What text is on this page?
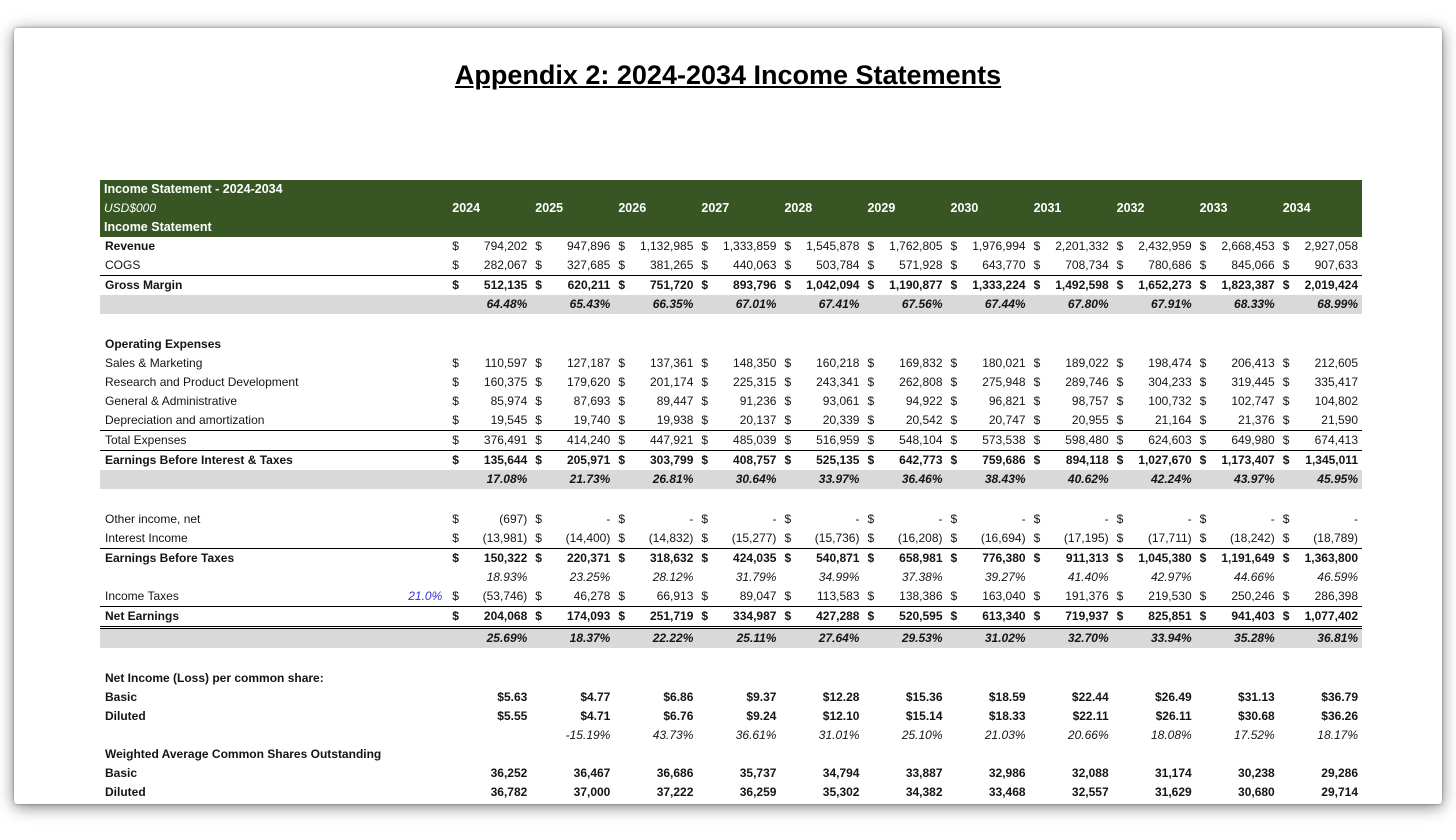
Appendix 2: 2024-2034 Income Statements
Income Statement - 2024-2034											
USD$000	2024	2025	2026	2027	2028	2029	2030	2031	2032	2033	2034
Income Statement											
Revenue	$ 794,202	$ 947,896	$ 1,132,985	$ 1,333,859	$ 1,545,878	$ 1,762,805	$ 1,976,994	$ 2,201,332	$ 2,432,959	$ 2,668,453	$ 2,927,058

COGS	$ 282,067	$ 327,685	$ 381,265	$ 440,063	$ 503,784	$ 571,928	$ 643,770	$ 708,734	$ 780,686	$ 845,066	$ 907,633

Gross Margin	$ 512,135	$ 620,211	$ 751,720	$ 893,796	$ 1,042,094	$ 1,190,877	$ 1,333,224	$ 1,492,598	$ 1,652,273	$ 1,823,387	$ 2,019,424

	64.48%	65.43%	66.35%	67.01%	67.41%	67.56%	67.44%	67.80%	67.91%	68.33%	68.99%

Operating Expenses											
Sales & Marketing	$ 110,597	$ 127,187	$ 137,361	$ 148,350	$ 160,218	$ 169,832	$ 180,021	$ 189,022	$ 198,474	$ 206,413	$ 212,605

Research and Product Development	$ 160,375	$ 179,620	$ 201,174	$ 225,315	$ 243,341	$ 262,808	$ 275,948	$ 289,746	$ 304,233	$ 319,445	$ 335,417

General & Administrative	$ 85,974	$ 87,693	$ 89,447	$ 91,236	$ 93,061	$ 94,922	$ 96,821	$ 98,757	$ 100,732	$ 102,747	$ 104,802

Depreciation and amortization	$ 19,545	$ 19,740	$ 19,938	$ 20,137	$ 20,339	$ 20,542	$ 20,747	$ 20,955	$ 21,164	$ 21,376	$ 21,590

Total Expenses	$ 376,491	$ 414,240	$ 447,921	$ 485,039	$ 516,959	$ 548,104	$ 573,538	$ 598,480	$ 624,603	$ 649,980	$ 674,413

Earnings Before Interest & Taxes	$ 135,644	$ 205,971	$ 303,799	$ 408,757	$ 525,135	$ 642,773	$ 759,686	$ 894,118	$ 1,027,670	$ 1,173,407	$ 1,345,011

	17.08%	21.73%	26.81%	30.64%	33.97%	36.46%	38.43%	40.62%	42.24%	43.97%	45.95%

Other income, net	$ (697)	$ -	$ -	$ -	$ -	$ -	$ -	$ -	$ -	$ -	$ -

Interest Income	$ (13,981)	$ (14,400)	$ (14,832)	$ (15,277)	$ (15,736)	$ (16,208)	$ (16,694)	$ (17,195)	$ (17,711)	$ (18,242)	$ (18,789)

Earnings Before Taxes	$ 150,322	$ 220,371	$ 318,632	$ 424,035	$ 540,871	$ 658,981	$ 776,380	$ 911,313	$ 1,045,380	$ 1,191,649	$ 1,363,800

	18.93%	23.25%	28.12%	31.79%	34.99%	37.38%	39.27%	41.40%	42.97%	44.66%	46.59%

Income Taxes 21.0%	$ (53,746)	$ 46,278	$ 66,913	$ 89,047	$ 113,583	$ 138,386	$ 163,040	$ 191,376	$ 219,530	$ 250,246	$ 286,398

Net Earnings	$ 204,068	$ 174,093	$ 251,719	$ 334,987	$ 427,288	$ 520,595	$ 613,340	$ 719,937	$ 825,851	$ 941,403	$ 1,077,402

	25.69%	18.37%	22.22%	25.11%	27.64%	29.53%	31.02%	32.70%	33.94%	35.28%	36.81%

Net Income (Loss) per common share:											
Basic	$5.63	$4.77	$6.86	$9.37	$12.28	$15.36	$18.59	$22.44	$26.49	$31.13	$36.79
Diluted	$5.55	$4.71	$6.76	$9.24	$12.10	$15.14	$18.33	$22.11	$26.11	$30.68	$36.26
		-15.19%	43.73%	36.61%	31.01%	25.10%	21.03%	20.66%	18.08%	17.52%	18.17%
Weighted Average Common Shares Outstanding											
Basic	36,252	36,467	36,686	35,737	34,794	33,887	32,986	32,088	31,174	30,238	29,286
Diluted	36,782	37,000	37,222	36,259	35,302	34,382	33,468	32,557	31,629	30,680	29,714
